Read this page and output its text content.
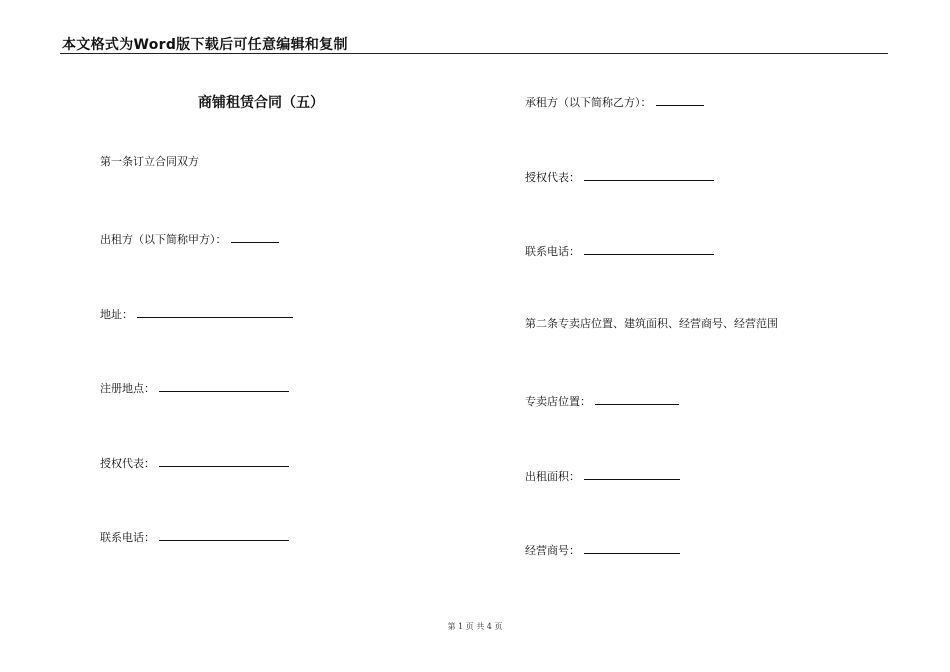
本文格式为Word版下载后可任意编辑和复制
商铺租赁合同（五）
第一条订立合同双方
出租方（以下简称甲方）：
地址：
注册地点：
授权代表：
联系电话：
承租方（以下简称乙方）：
授权代表：
联系电话：
第二条专卖店位置、建筑面积、经营商号、经营范围
专卖店位置：
出租面积：
经营商号：
第 1 页 共 4 页
